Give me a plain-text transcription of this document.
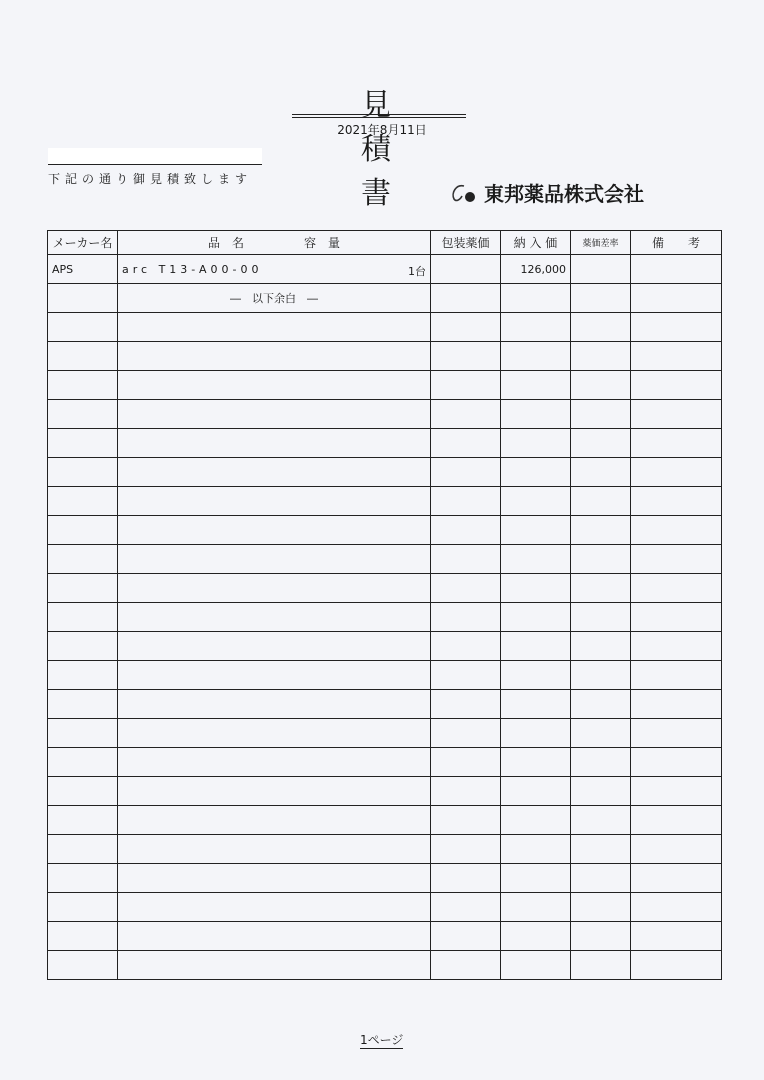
見　積　書
2021年8月11日
下記の通り御見積致します
東邦薬品株式会社
メーカー名	品　名　　　　　容　量	包装薬価	納 入 価	薬価差率	備　　考
APS	arc T13-A00-00 1台		126,000		
	―　以下余白　―				

1ページ
